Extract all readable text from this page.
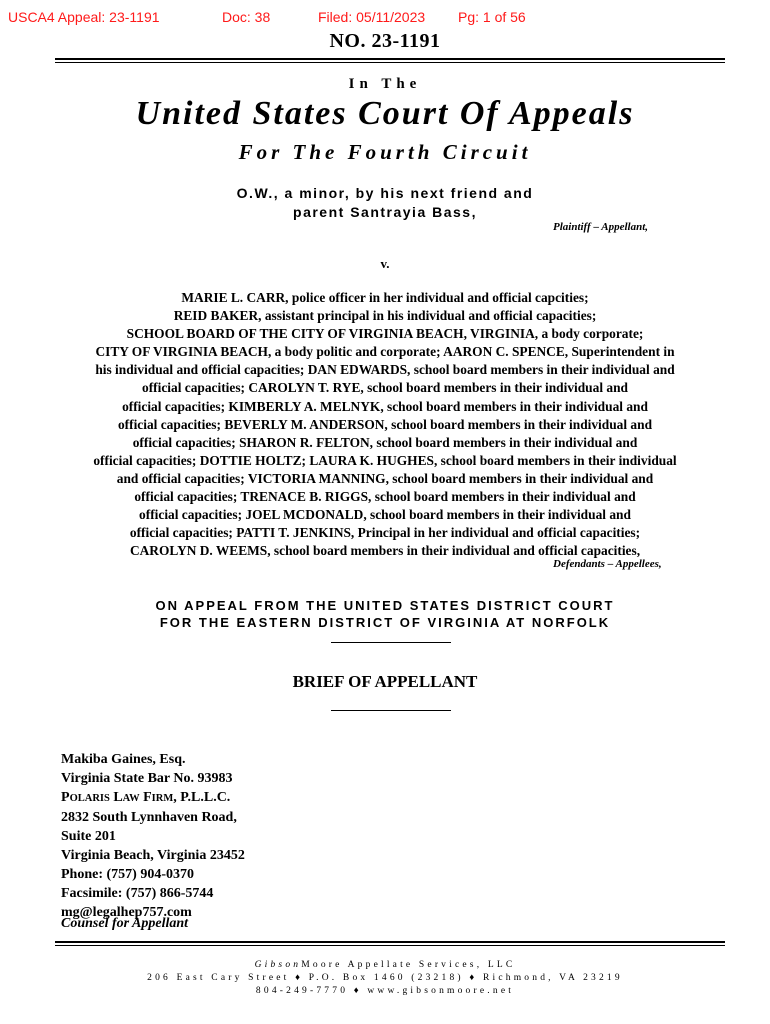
USCA4 Appeal: 23-1191	Doc: 38	Filed: 05/11/2023 Pg: 1 of 56
NO. 23-1191
In The
United States Court Of Appeals
For The Fourth Circuit
O.W., a minor, by his next friend and
parent Santrayia Bass,
Plaintiff – Appellant,
v.
MARIE L. CARR, police officer in her individual and official capcities;
REID BAKER, assistant principal in his individual and official capacities;
SCHOOL BOARD OF THE CITY OF VIRGINIA BEACH, VIRGINIA, a body corporate;
CITY OF VIRGINIA BEACH, a body politic and corporate; AARON C. SPENCE, Superintendent in
his individual and official capacities; DAN EDWARDS, school board members in their individual and
official capacities; CAROLYN T. RYE, school board members in their individual and
official capacities; KIMBERLY A. MELNYK, school board members in their individual and
official capacities; BEVERLY M. ANDERSON, school board members in their individual and
official capacities; SHARON R. FELTON, school board members in their individual and
official capacities; DOTTIE HOLTZ; LAURA K. HUGHES, school board members in their individual
and official capacities; VICTORIA MANNING, school board members in their individual and
official capacities; TRENACE B. RIGGS, school board members in their individual and
official capacities; JOEL MCDONALD, school board members in their individual and
official capacities; PATTI T. JENKINS, Principal in her individual and official capacities;
CAROLYN D. WEEMS, school board members in their individual and official capacities,
Defendants – Appellees,
ON APPEAL FROM THE UNITED STATES DISTRICT COURT
FOR THE EASTERN DISTRICT OF VIRGINIA AT NORFOLK
BRIEF OF APPELLANT
Makiba Gaines, Esq.
Virginia State Bar No. 93983
POLARIS LAW FIRM, P.L.L.C.
2832 South Lynnhaven Road,
Suite 201
Virginia Beach, Virginia 23452
Phone: (757) 904-0370
Facsimile: (757) 866-5744
mg@legalhep757.com
Counsel for Appellant
GibsonMoore Appellate Services, LLC
206 East Cary Street ♦ P.O. Box 1460 (23218) ♦ Richmond, VA 23219
804-249-7770 ♦ www.gibsonmoore.net
